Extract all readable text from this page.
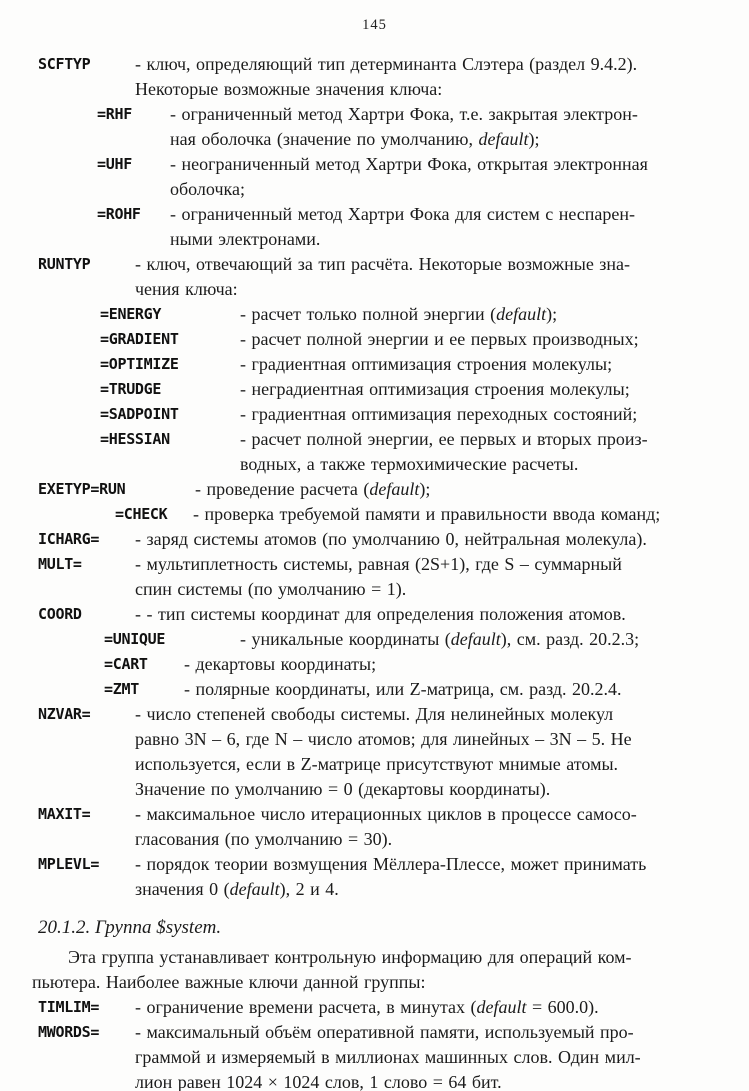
145
SCFTYP	- ключ, определяющий тип детерминанта Слэтера (раздел 9.4.2).
Некоторые возможные значения ключа:
=RHF	- ограниченный метод Хартри Фока, т.е. закрытая электрон-
ная оболочка (значение по умолчанию, default);
=UHF	- неограниченный метод Хартри Фока, открытая электронная
оболочка;
=ROHF	- ограниченный метод Хартри Фока для систем с неспарен-
ными электронами.
RUNTYP	- ключ, отвечающий за тип расчёта. Некоторые возможные зна-
чения ключа:
=ENERGY	- расчет только полной энергии (default);
=GRADIENT	- расчет полной энергии и ее первых производных;
=OPTIMIZE	- градиентная оптимизация строения молекулы;
=TRUDGE	- неградиентная оптимизация строения молекулы;
=SADPOINT	- градиентная оптимизация переходных состояний;
=HESSIAN	- расчет полной энергии, ее первых и вторых произ-
водных, а также термохимические расчеты.
EXETYP=RUN	- проведение расчета (default);
=CHECK	- проверка требуемой памяти и правильности ввода команд;
ICHARG=	- заряд системы атомов (по умолчанию 0, нейтральная молекула).
MULT=	- мультиплетность системы, равная (2S+1), где S – суммарный
спин системы (по умолчанию = 1).
COORD	- - тип системы координат для определения положения атомов.
=UNIQUE	- уникальные координаты (default), см. разд. 20.2.3;
=CART	- декартовы координаты;
=ZMT	- полярные координаты, или Z-матрица, см. разд. 20.2.4.
NZVAR=	- число степеней свободы системы. Для нелинейных молекул
равно 3N – 6, где N – число атомов; для линейных – 3N – 5. Не
используется, если в Z-матрице присутствуют мнимые атомы.
Значение по умолчанию = 0 (декартовы координаты).
MAXIT=	- максимальное число итерационных циклов в процессе самосо-
гласования (по умолчанию = 30).
MPLEVL=	- порядок теории возмущения Мёллера-Плессе, может принимать
значения 0 (default), 2 и 4.
20.1.2. Группа $system.
Эта группа устанавливает контрольную информацию для операций ком-
пьютера. Наиболее важные ключи данной группы:
TIMLIM=	- ограничение времени расчета, в минутах (default = 600.0).
MWORDS=	- максимальный объём оперативной памяти, используемый про-
граммой и измеряемый в миллионах машинных слов. Один мил-
лион равен 1024 × 1024 слов, 1 слово = 64 бит.
